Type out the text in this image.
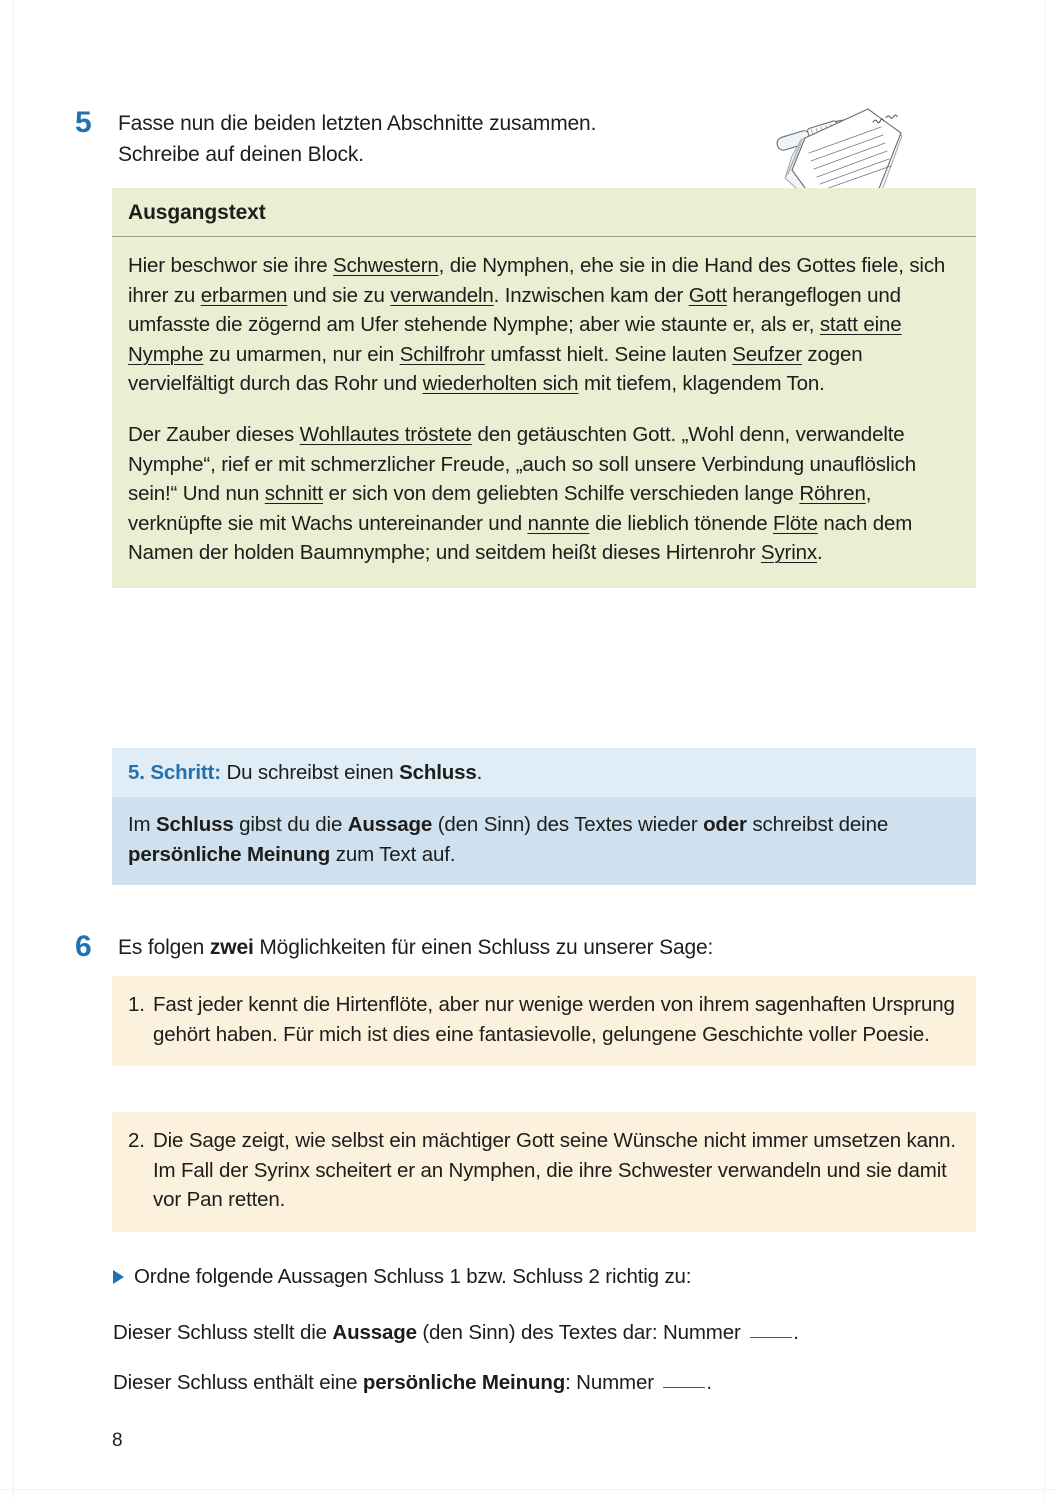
5	Fasse nun die beiden letzten Abschnitte zusammen.
Schreibe auf deinen Block.
Ausgangstext

Hier beschwor sie ihre Schwestern, die Nymphen, ehe sie in die Hand des Gottes fiele, sich ihrer zu erbarmen und sie zu verwandeln. Inzwischen kam der Gott herangeflogen und umfasste die zögernd am Ufer stehende Nymphe; aber wie staunte er, als er, statt eine Nymphe zu umarmen, nur ein Schilfrohr umfasst hielt. Seine lauten Seufzer zogen vervielfältigt durch das Rohr und wiederholten sich mit tiefem, klagendem Ton.

Der Zauber dieses Wohllautes tröstete den getäuschten Gott. „Wohl denn, verwandelte Nymphe“, rief er mit schmerzlicher Freude, „auch so soll unsere Verbindung unauflöslich sein!“ Und nun schnitt er sich von dem geliebten Schilfe verschieden lange Röhren, verknüpfte sie mit Wachs untereinander und nannte die lieblich tönende Flöte nach dem Namen der holden Baumnymphe; und seitdem heißt dieses Hirtenrohr Syrinx.

5. Schritt: Du schreibst einen Schluss.

Im Schluss gibst du die Aussage (den Sinn) des Textes wieder oder schreibst deine persönliche Meinung zum Text auf.

6	Es folgen zwei Möglichkeiten für einen Schluss zu unserer Sage:
1. Fast jeder kennt die Hirtenflöte, aber nur wenige werden von ihrem sagenhaften Ursprung gehört haben. Für mich ist dies eine fantasievolle, gelungene Geschichte voller Poesie.
2. Die Sage zeigt, wie selbst ein mächtiger Gott seine Wünsche nicht immer umsetzen kann. Im Fall der Syrinx scheitert er an Nymphen, die ihre Schwester verwandeln und sie damit vor Pan retten.
Ordne folgende Aussagen Schluss 1 bzw. Schluss 2 richtig zu:
Dieser Schluss stellt die Aussage (den Sinn) des Textes dar: Nummer .
Dieser Schluss enthält eine persönliche Meinung: Nummer .
8
